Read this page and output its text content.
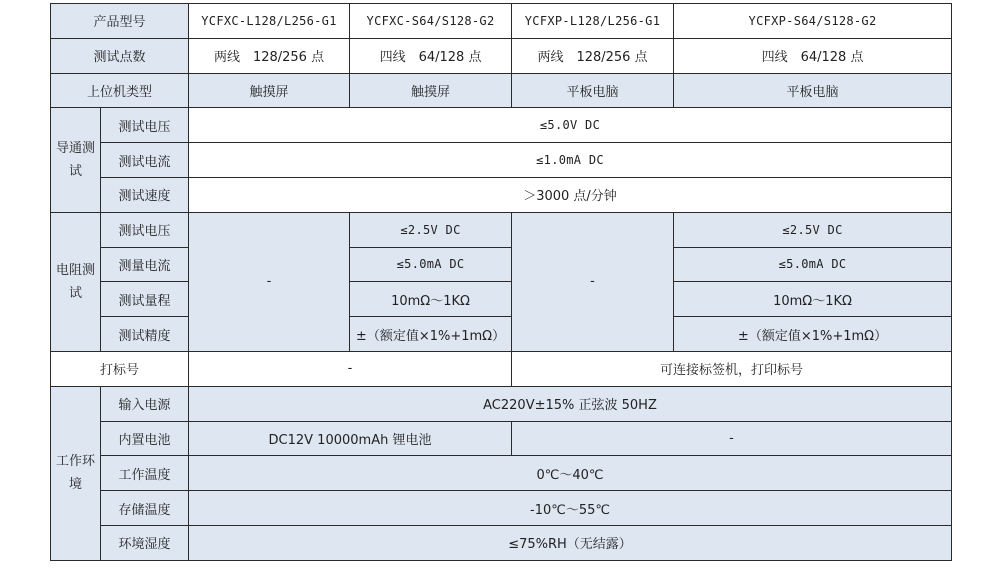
产品型号		YCFXC-L128/L256-G1	YCFXC-S64/S128-G2	YCFXP-L128/L256-G1	YCFXP-S64/S128-G2
测试点数		两线　128/256 点	四线　64/128 点	两线　128/256 点	四线　64/128 点
上位机类型		触摸屏	触摸屏	平板电脑	平板电脑
导通测试	测试电压	≤5.0V DC			
	测试电流	≤1.0mA DC			
	测试速度	＞3000 点/分钟			
电阻测试	测试电压	-	≤2.5V DC	-	≤2.5V DC
	测量电流		≤5.0mA DC		≤5.0mA DC
	测试量程		10mΩ～1KΩ		10mΩ～1KΩ
	测试精度		±（额定值×1%+1mΩ）		±（额定值×1%+1mΩ）
打标号		-		可连接标签机，打印标号	
工作环境	输入电源	AC220V±15% 正弦波 50HZ			
	内置电池	DC12V 10000mAh 锂电池		-	
	工作温度	0℃～40℃			
	存储温度	-10℃～55℃			
	环境湿度	≤75%RH（无结露）			
